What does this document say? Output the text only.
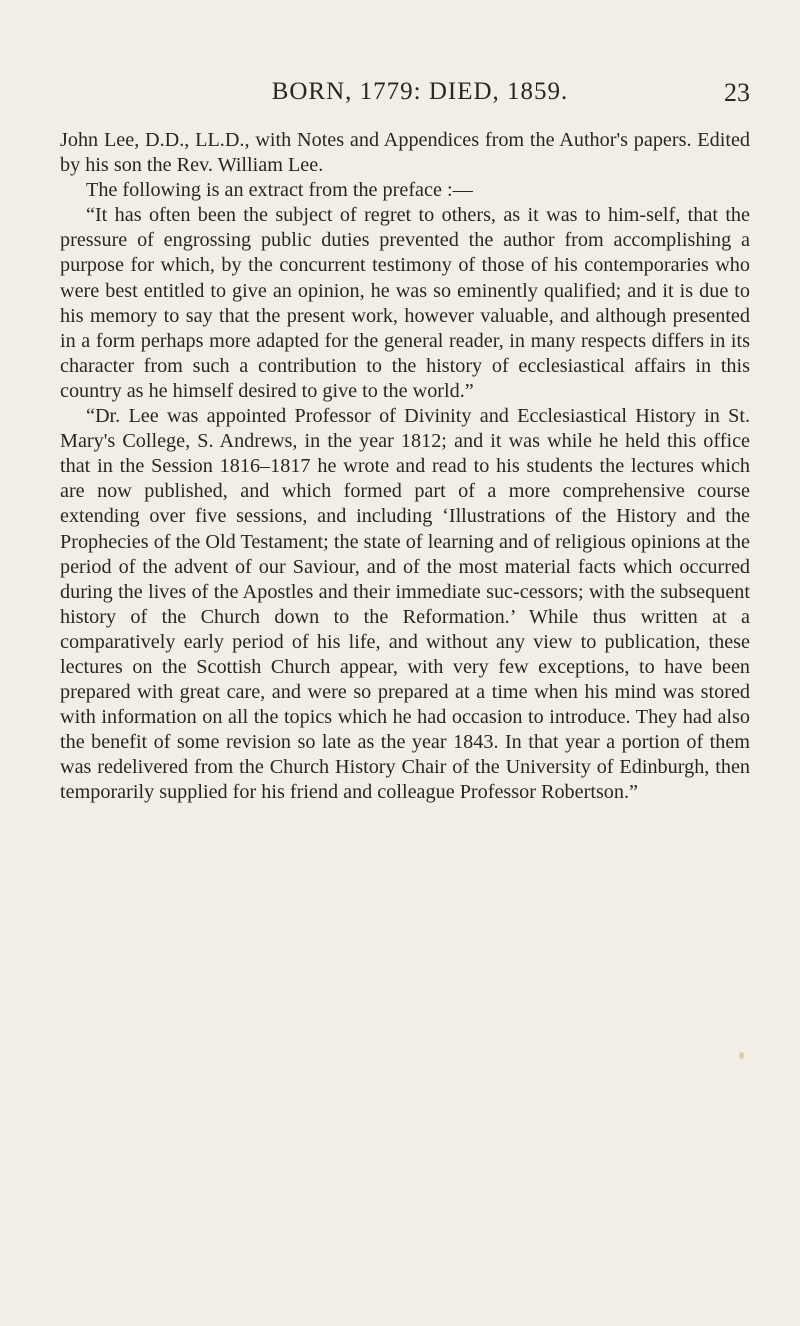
BORN, 1779: DIED, 1859.	23

John Lee, D.D., LL.D., with Notes and Appendices from the Author's papers. Edited by his son the Rev. William Lee.

The following is an extract from the preface :—

“It has often been the subject of regret to others, as it was to him-self, that the pressure of engrossing public duties prevented the author from accomplishing a purpose for which, by the concurrent testimony of those of his contemporaries who were best entitled to give an opinion, he was so eminently qualified; and it is due to his memory to say that the present work, however valuable, and although presented in a form perhaps more adapted for the general reader, in many respects differs in its character from such a contribution to the history of ecclesiastical affairs in this country as he himself desired to give to the world.”

“Dr. Lee was appointed Professor of Divinity and Ecclesiastical History in St. Mary's College, S. Andrews, in the year 1812; and it was while he held this office that in the Session 1816–1817 he wrote and read to his students the lectures which are now published, and which formed part of a more comprehensive course extending over five sessions, and including ‘Illustrations of the History and the Prophecies of the Old Testament; the state of learning and of religious opinions at the period of the advent of our Saviour, and of the most material facts which occurred during the lives of the Apostles and their immediate suc-cessors; with the subsequent history of the Church down to the Reformation.’ While thus written at a comparatively early period of his life, and without any view to publication, these lectures on the Scottish Church appear, with very few exceptions, to have been prepared with great care, and were so prepared at a time when his mind was stored with information on all the topics which he had occasion to introduce. They had also the benefit of some revision so late as the year 1843. In that year a portion of them was redelivered from the Church History Chair of the University of Edinburgh, then temporarily supplied for his friend and colleague Professor Robertson.”
